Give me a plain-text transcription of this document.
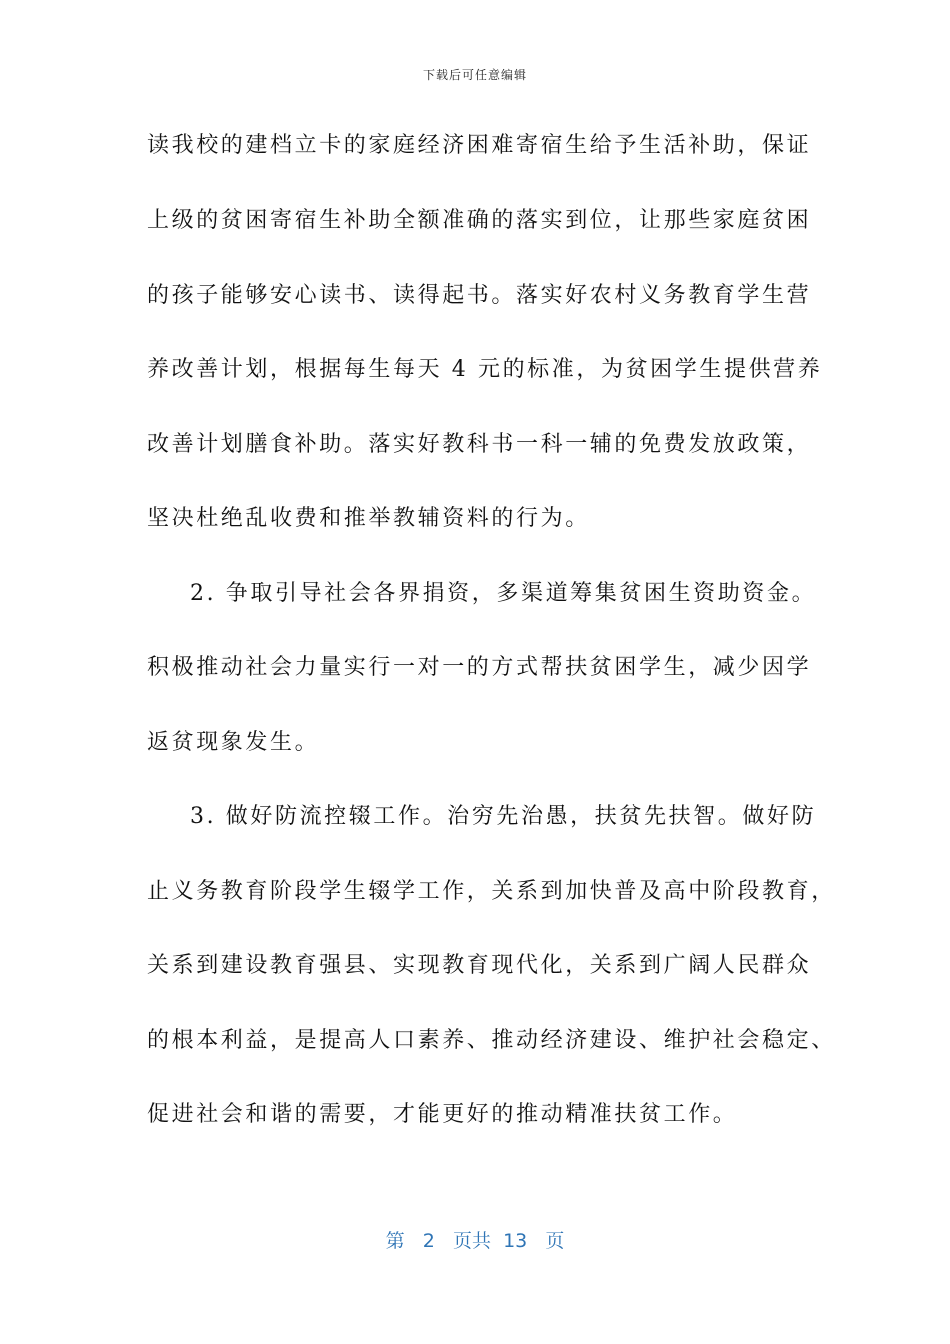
下载后可任意编辑
读我校的建档立卡的家庭经济困难寄宿生给予生活补助，保证
上级的贫困寄宿生补助全额准确的落实到位，让那些家庭贫困
的孩子能够安心读书、读得起书。落实好农村义务教育学生营
养改善计划，根据每生每天 4 元的标准，为贫困学生提供营养
改善计划膳食补助。落实好教科书一科一辅的免费发放政策，
坚决杜绝乱收费和推举教辅资料的行为。
2. 争取引导社会各界捐资，多渠道筹集贫困生资助资金。
积极推动社会力量实行一对一的方式帮扶贫困学生，减少因学
返贫现象发生。
3. 做好防流控辍工作。治穷先治愚，扶贫先扶智。做好防
止义务教育阶段学生辍学工作，关系到加快普及高中阶段教育，
关系到建设教育强县、实现教育现代化，关系到广阔人民群众
的根本利益，是提高人口素养、推动经济建设、维护社会稳定、
促进社会和谐的需要，才能更好的推动精准扶贫工作。
第 2 页共 13 页
